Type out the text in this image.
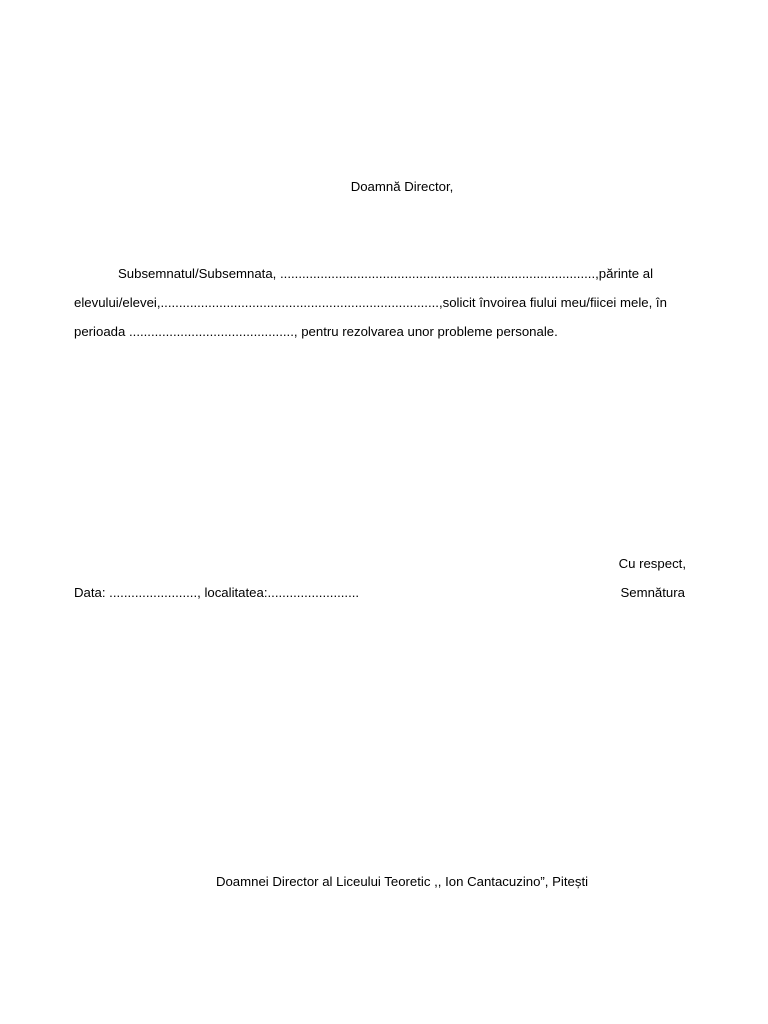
Doamnă Director,
Subsemnatul/Subsemnata, ......................................................................................,părinte al
elevului/elevei,............................................................................,solicit învoirea fiului meu/fiicei mele, în
perioada ............................................., pentru rezolvarea unor probleme personale.
Cu respect,
Data: ........................, localitatea:.........................	Semnătura
Doamnei Director al Liceului Teoretic ,, Ion Cantacuzino”, Pitești
